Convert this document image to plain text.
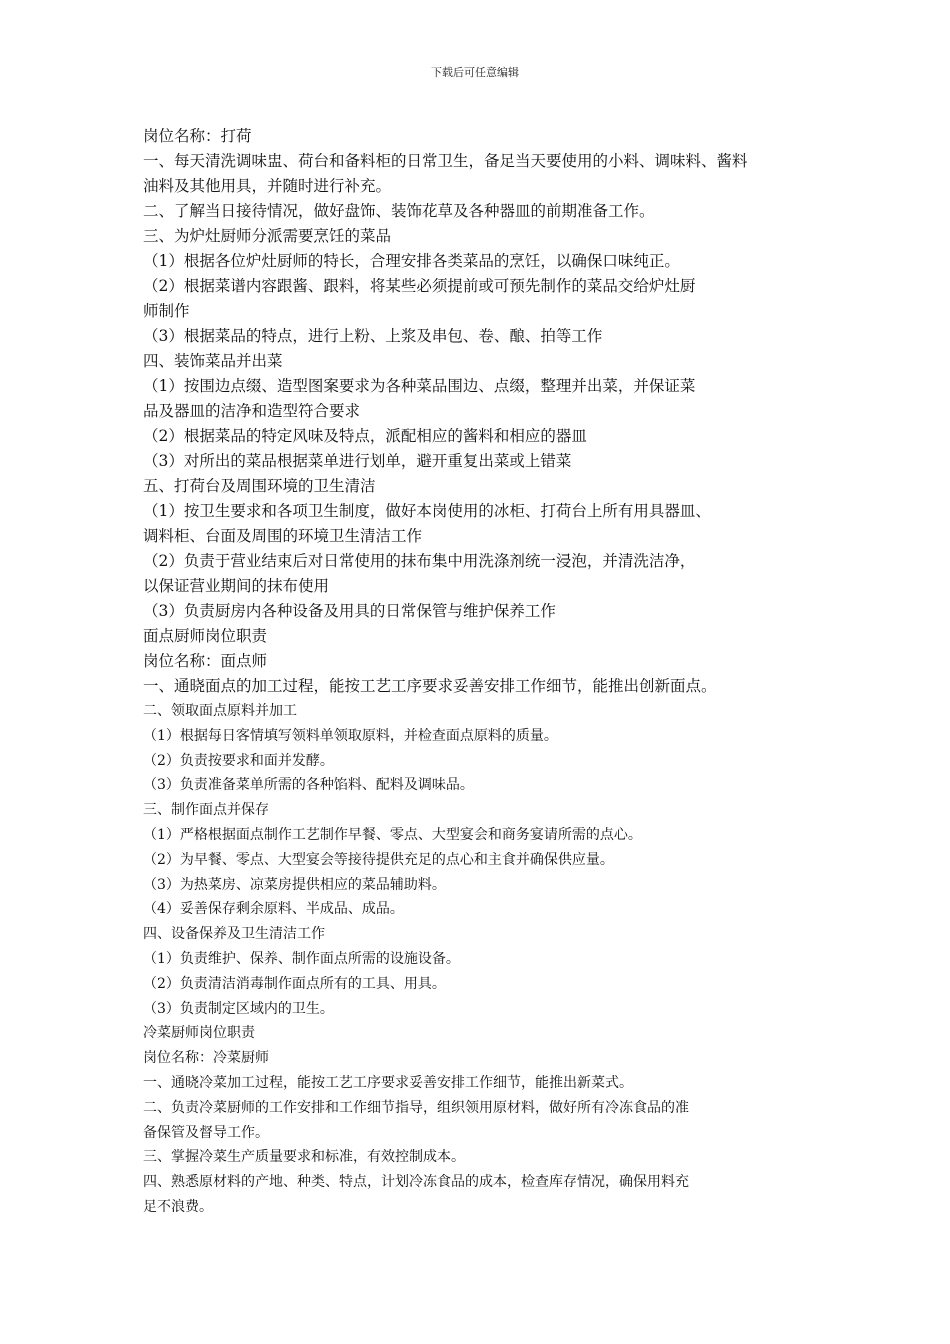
下载后可任意编辑

岗位名称：打荷

一、每天清洗调味盅、荷台和备料柜的日常卫生，备足当天要使用的小料、调味料、酱料

油料及其他用具，并随时进行补充。

二、了解当日接待情况，做好盘饰、装饰花草及各种器皿的前期准备工作。

三、为炉灶厨师分派需要烹饪的菜品

（1）根据各位炉灶厨师的特长，合理安排各类菜品的烹饪，以确保口味纯正。

（2）根据菜谱内容跟酱、跟料，将某些必须提前或可预先制作的菜品交给炉灶厨

师制作

（3）根据菜品的特点，进行上粉、上浆及串包、卷、酿、拍等工作

四、装饰菜品并出菜

（1）按围边点缀、造型图案要求为各种菜品围边、点缀，整理并出菜，并保证菜

品及器皿的洁净和造型符合要求

（2）根据菜品的特定风味及特点，派配相应的酱料和相应的器皿

（3）对所出的菜品根据菜单进行划单，避开重复出菜或上错菜

五、打荷台及周围环境的卫生清洁

（1）按卫生要求和各项卫生制度，做好本岗使用的冰柜、打荷台上所有用具器皿、

调料柜、台面及周围的环境卫生清洁工作

（2）负责于营业结束后对日常使用的抹布集中用洗涤剂统一浸泡，并清洗洁净，

以保证营业期间的抹布使用

（3）负责厨房内各种设备及用具的日常保管与维护保养工作

面点厨师岗位职责

岗位名称：面点师

一、通晓面点的加工过程，能按工艺工序要求妥善安排工作细节，能推出创新面点。

二、领取面点原料并加工

（1）根据每日客情填写领料单领取原料，并检查面点原料的质量。

（2）负责按要求和面并发酵。

（3）负责准备菜单所需的各种馅料、配料及调味品。

三、制作面点并保存

（1）严格根据面点制作工艺制作早餐、零点、大型宴会和商务宴请所需的点心。

（2）为早餐、零点、大型宴会等接待提供充足的点心和主食并确保供应量。

（3）为热菜房、凉菜房提供相应的菜品辅助料。

（4）妥善保存剩余原料、半成品、成品。

四、设备保养及卫生清洁工作

（1）负责维护、保养、制作面点所需的设施设备。

（2）负责清洁消毒制作面点所有的工具、用具。

（3）负责制定区域内的卫生。

冷菜厨师岗位职责

岗位名称：冷菜厨师

一、通晓冷菜加工过程，能按工艺工序要求妥善安排工作细节，能推出新菜式。

二、负责冷菜厨师的工作安排和工作细节指导，组织领用原材料，做好所有冷冻食品的准

备保管及督导工作。

三、掌握冷菜生产质量要求和标准，有效控制成本。

四、熟悉原材料的产地、种类、特点，计划冷冻食品的成本，检查库存情况，确保用料充

足不浪费。
